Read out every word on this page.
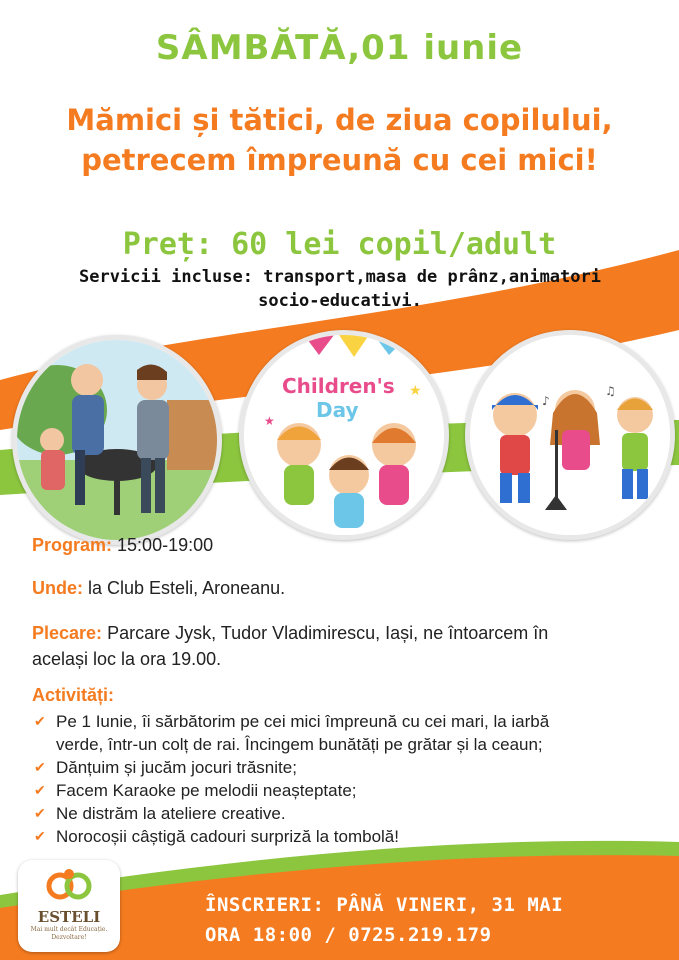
SÂMBĂTĂ,01 iunie
Mămici și tătici, de ziua copilului,
petrecem împreună cu cei mici!
Preț: 60 lei copil/adult
Servicii incluse: transport,masa de prânz,animatori
socio-educativi.
Children's
Day
★
★
♪
♫
Program: 15:00-19:00
Unde: la Club Esteli, Aroneanu.
Plecare: Parcare Jysk, Tudor Vladimirescu, Iași, ne întoarcem în
același loc la ora 19.00.
Activități:
✔ Pe 1 Iunie, îi sărbătorim pe cei mici împreună cu cei mari, la iarbă
verde, într-un colț de rai. Încingem bunătăți pe grătar și la ceaun;
✔ Dănțuim și jucăm jocuri trăsnite;
✔ Facem Karaoke pe melodii neașteptate;
✔ Ne distrăm la ateliere creative.
✔ Norocoșii câștigă cadouri surpriză la tombolă!
ESTELI
Mai mult decât Educație. Dezvoltare!
ÎNSCRIERI: PÂNĂ VINERI, 31 MAI
ORA 18:00 / 0725.219.179
